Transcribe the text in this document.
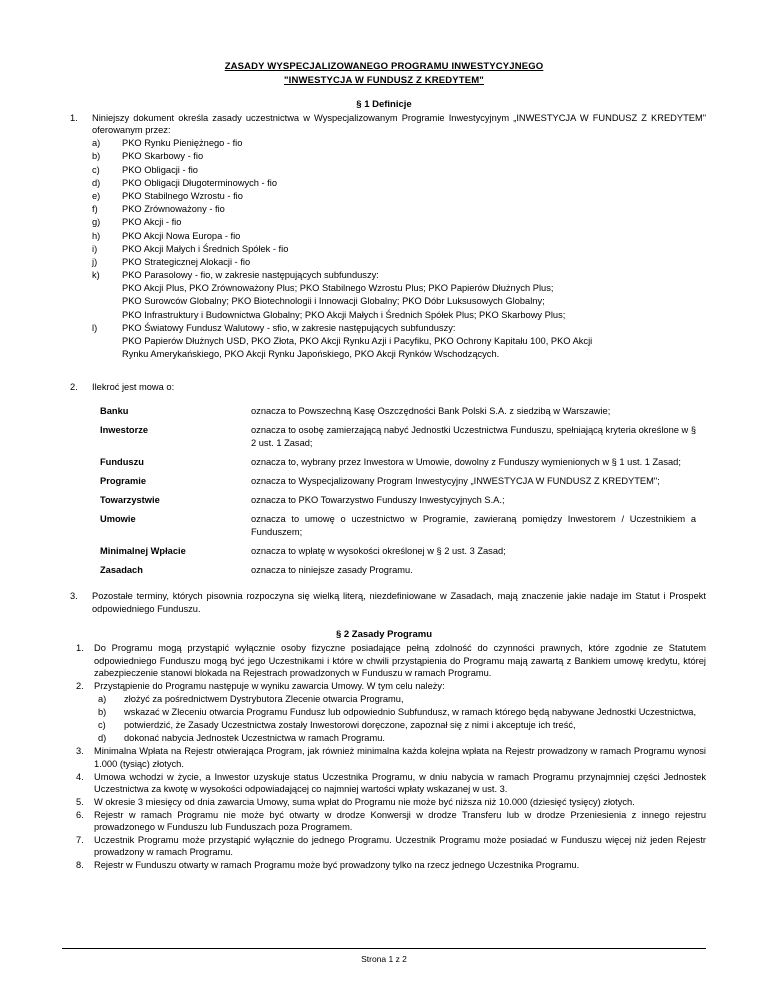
ZASADY WYSPECJALIZOWANEGO PROGRAMU INWESTYCYJNEGO
"INWESTYCJA W FUNDUSZ Z KREDYTEM"
§ 1 Definicje
1.	Niniejszy dokument określa zasady uczestnictwa w Wyspecjalizowanym Programie Inwestycyjnym „INWESTYCJA W FUNDUSZ Z KREDYTEM" oferowanym przez:
a)	PKO Rynku Pieniężnego - fio
b)	PKO Skarbowy - fio
c)	PKO Obligacji - fio
d)	PKO Obligacji Długoterminowych - fio
e)	PKO Stabilnego Wzrostu - fio
f)	PKO Zrównoważony - fio
g)	PKO Akcji - fio
h)	PKO Akcji Nowa Europa - fio
i)	PKO Akcji Małych i Średnich Spółek - fio
j)	PKO Strategicznej Alokacji - fio
k)	PKO Parasolowy - fio, w zakresie następujących subfunduszy:
PKO Akcji Plus, PKO Zrównoważony Plus; PKO Stabilnego Wzrostu Plus; PKO Papierów Dłużnych Plus;
PKO Surowców Globalny; PKO Biotechnologii i Innowacji Globalny; PKO Dóbr Luksusowych Globalny;
PKO Infrastruktury i Budownictwa Globalny; PKO Akcji Małych i Średnich Spółek Plus; PKO Skarbowy Plus;
l)	PKO Światowy Fundusz Walutowy - sfio, w zakresie następujących subfunduszy:
PKO Papierów Dłużnych USD, PKO Złota, PKO Akcji Rynku Azji i Pacyfiku, PKO Ochrony Kapitału 100, PKO Akcji
Rynku Amerykańskiego, PKO Akcji Rynku Japońskiego, PKO Akcji Rynków Wschodzących.
2.	Ilekroć jest mowa o:
Banku	oznacza to Powszechną Kasę Oszczędności Bank Polski S.A. z siedzibą w Warszawie;
Inwestorze	oznacza to osobę zamierzającą nabyć Jednostki Uczestnictwa Funduszu, spełniającą kryteria określone w § 2 ust. 1 Zasad;
Funduszu	oznacza to, wybrany przez Inwestora w Umowie, dowolny z Funduszy wymienionych w § 1 ust. 1 Zasad;
Programie	oznacza to Wyspecjalizowany Program Inwestycyjny „INWESTYCJA W FUNDUSZ Z KREDYTEM";
Towarzystwie	oznacza to PKO Towarzystwo Funduszy Inwestycyjnych S.A.;
Umowie	oznacza to umowę o uczestnictwo w Programie, zawieraną pomiędzy Inwestorem / Uczestnikiem a Funduszem;
Minimalnej Wpłacie	oznacza to wpłatę w wysokości określonej w § 2 ust. 3 Zasad;
Zasadach	oznacza to niniejsze zasady Programu.
3.	Pozostałe terminy, których pisownia rozpoczyna się wielką literą, niezdefiniowane w Zasadach, mają znaczenie jakie nadaje im Statut i Prospekt odpowiedniego Funduszu.
§ 2 Zasady Programu
1.	Do Programu mogą przystąpić wyłącznie osoby fizyczne posiadające pełną zdolność do czynności prawnych, które zgodnie ze Statutem odpowiedniego Funduszu mogą być jego Uczestnikami i które w chwili przystąpienia do Programu mają zawartą z Bankiem umowę kredytu, której zabezpieczenie stanowi blokada na Rejestrach prowadzonych w Funduszu w ramach Programu.
2.	Przystąpienie do Programu następuje w wyniku zawarcia Umowy. W tym celu należy:
a)	złożyć za pośrednictwem Dystrybutora Zlecenie otwarcia Programu,
b)	wskazać w Zleceniu otwarcia Programu Fundusz lub odpowiednio Subfundusz, w ramach którego będą nabywane Jednostki Uczestnictwa,
c)	potwierdzić, że Zasady Uczestnictwa zostały Inwestorowi doręczone, zapoznał się z nimi i akceptuje ich treść,
d)	dokonać nabycia Jednostek Uczestnictwa w ramach Programu.
3.	Minimalna Wpłata na Rejestr otwierająca Program, jak również minimalna każda kolejna wpłata na Rejestr prowadzony w ramach Programu wynosi 1.000 (tysiąc) złotych.
4.	Umowa wchodzi w życie, a Inwestor uzyskuje status Uczestnika Programu, w dniu nabycia w ramach Programu przynajmniej części Jednostek Uczestnictwa za kwotę w wysokości odpowiadającej co najmniej wartości wpłaty wskazanej w ust. 3.
5.	W okresie 3 miesięcy od dnia zawarcia Umowy, suma wpłat do Programu nie może być niższa niż 10.000 (dziesięć tysięcy) złotych.
6.	Rejestr w ramach Programu nie może być otwarty w drodze Konwersji w drodze Transferu lub w drodze Przeniesienia z innego rejestru prowadzonego w Funduszu lub Funduszach poza Programem.
7.	Uczestnik Programu może przystąpić wyłącznie do jednego Programu. Uczestnik Programu może posiadać w Funduszu więcej niż jeden Rejestr prowadzony w ramach Programu.
8.	Rejestr w Funduszu otwarty w ramach Programu może być prowadzony tylko na rzecz jednego Uczestnika Programu.
Strona 1 z 2
